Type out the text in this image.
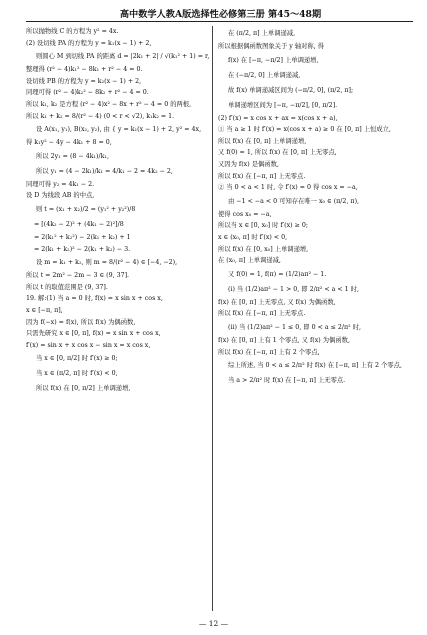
高中数学人教A版选择性必修第三册 第45～48期
所以抛物线 C 的方程为 y² = 4x.
(2) 设切线 PA 的方程为 y = k₁(x − 1) + 2,
则圆心 M 到切线 PA 的距离 d = |2k₁ + 2| / √(k₁² + 1) = r,
整理得 (r² − 4)k₁² − 8k₁ + r² − 4 = 0.
设切线 PB 的方程为 y = k₂(x − 1) + 2,
同理可得 (r² − 4)k₂² − 8k₂ + r² − 4 = 0.
所以 k₁, k₂ 是方程 (r² − 4)x² − 8x + r² − 4 = 0 的两根,
所以 k₁ + k₂ = 8/(r² − 4) (0 < r < √2), k₁k₂ = 1.
设 A(x₁, y₁), B(x₂, y₂), 由 { y = k₁(x − 1) + 2, y² = 4x,
得 k₁y² − 4y − 4k₁ + 8 = 0,
所以 2y₁ = (8 − 4k₁)/k₁,
所以 y₁ = (4 − 2k₁)/k₁ = 4/k₁ − 2 = 4k₂ − 2,
同理可得 y₂ = 4k₁ − 2.
设 D 为线段 AB 的中点,
则 t = (x₁ + x₂)/2 = (y₁² + y₂²)/8
= [(4k₂ − 2)² + (4k₁ − 2)²]/8
= 2(k₁² + k₂²) − 2(k₁ + k₂) + 1
= 2(k₁ + k₂)² − 2(k₁ + k₂) − 3.
设 m = k₁ + k₂, 则 m = 8/(r² − 4) ∈ [−4, −2),
所以 t = 2m² − 2m − 3 ∈ (9, 37].
所以 t 的取值范围是 (9, 37].
19. 解:(1) 当 a = 0 时, f(x) = x sin x + cos x,
x ∈ [−π, π],
因为 f(−x) = f(x), 所以 f(x) 为偶函数,
只需先研究 x ∈ [0, π], f(x) = x sin x + cos x,
f′(x) = sin x + x cos x − sin x = x cos x,
当 x ∈ [0, π/2] 时 f′(x) ≥ 0;
当 x ∈ (π/2, π] 时 f′(x) < 0,
所以 f(x) 在 [0, π/2] 上单调递增,
在 (π/2, π] 上单调递减,
所以根据偶函数图象关于 y 轴对称, 得
f(x) 在 [−π, −π/2] 上单调递增,
在 (−π/2, 0] 上单调递减,
故 f(x) 单调递减区间为 (−π/2, 0], (π/2, π];
单调递增区间为 [−π, −π/2], [0, π/2].
(2) f′(x) = x cos x + ax = x(cos x + a),
① 当 a ≥ 1 时 f′(x) = x(cos x + a) ≥ 0 在 [0, π] 上恒成立,
所以 f(x) 在 [0, π] 上单调递增,
又 f(0) = 1, 所以 f(x) 在 [0, π] 上无零点,
又因为 f(x) 是偶函数,
所以 f(x) 在 [−π, π] 上无零点.
② 当 0 < a < 1 时, 令 f′(x) = 0 得 cos x = −a,
由 −1 < −a < 0 可知存在唯一 x₀ ∈ (π/2, π),
使得 cos x₀ = −a,
所以当 x ∈ [0, x₀] 时 f′(x) ≥ 0;
x ∈ (x₀, π] 时 f′(x) < 0,
所以 f(x) 在 [0, x₀] 上单调递增,
在 (x₀, π] 上单调递减,
又 f(0) = 1, f(π) = (1/2)aπ² − 1.
(ⅰ) 当 (1/2)aπ² − 1 > 0, 即 2/π² < a < 1 时,
f(x) 在 [0, π] 上无零点, 又 f(x) 为偶函数,
所以 f(x) 在 [−π, π] 上无零点.
(ⅱ) 当 (1/2)aπ² − 1 ≤ 0, 即 0 < a ≤ 2/π² 时,
f(x) 在 [0, π] 上有 1 个零点, 又 f(x) 为偶函数,
所以 f(x) 在 [−π, π] 上有 2 个零点,
综上所述, 当 0 < a ≤ 2/π² 时 f(x) 在 [−π, π] 上有 2 个零点,
当 a > 2/π² 时 f(x) 在 [−π, π] 上无零点.
— 12 —
